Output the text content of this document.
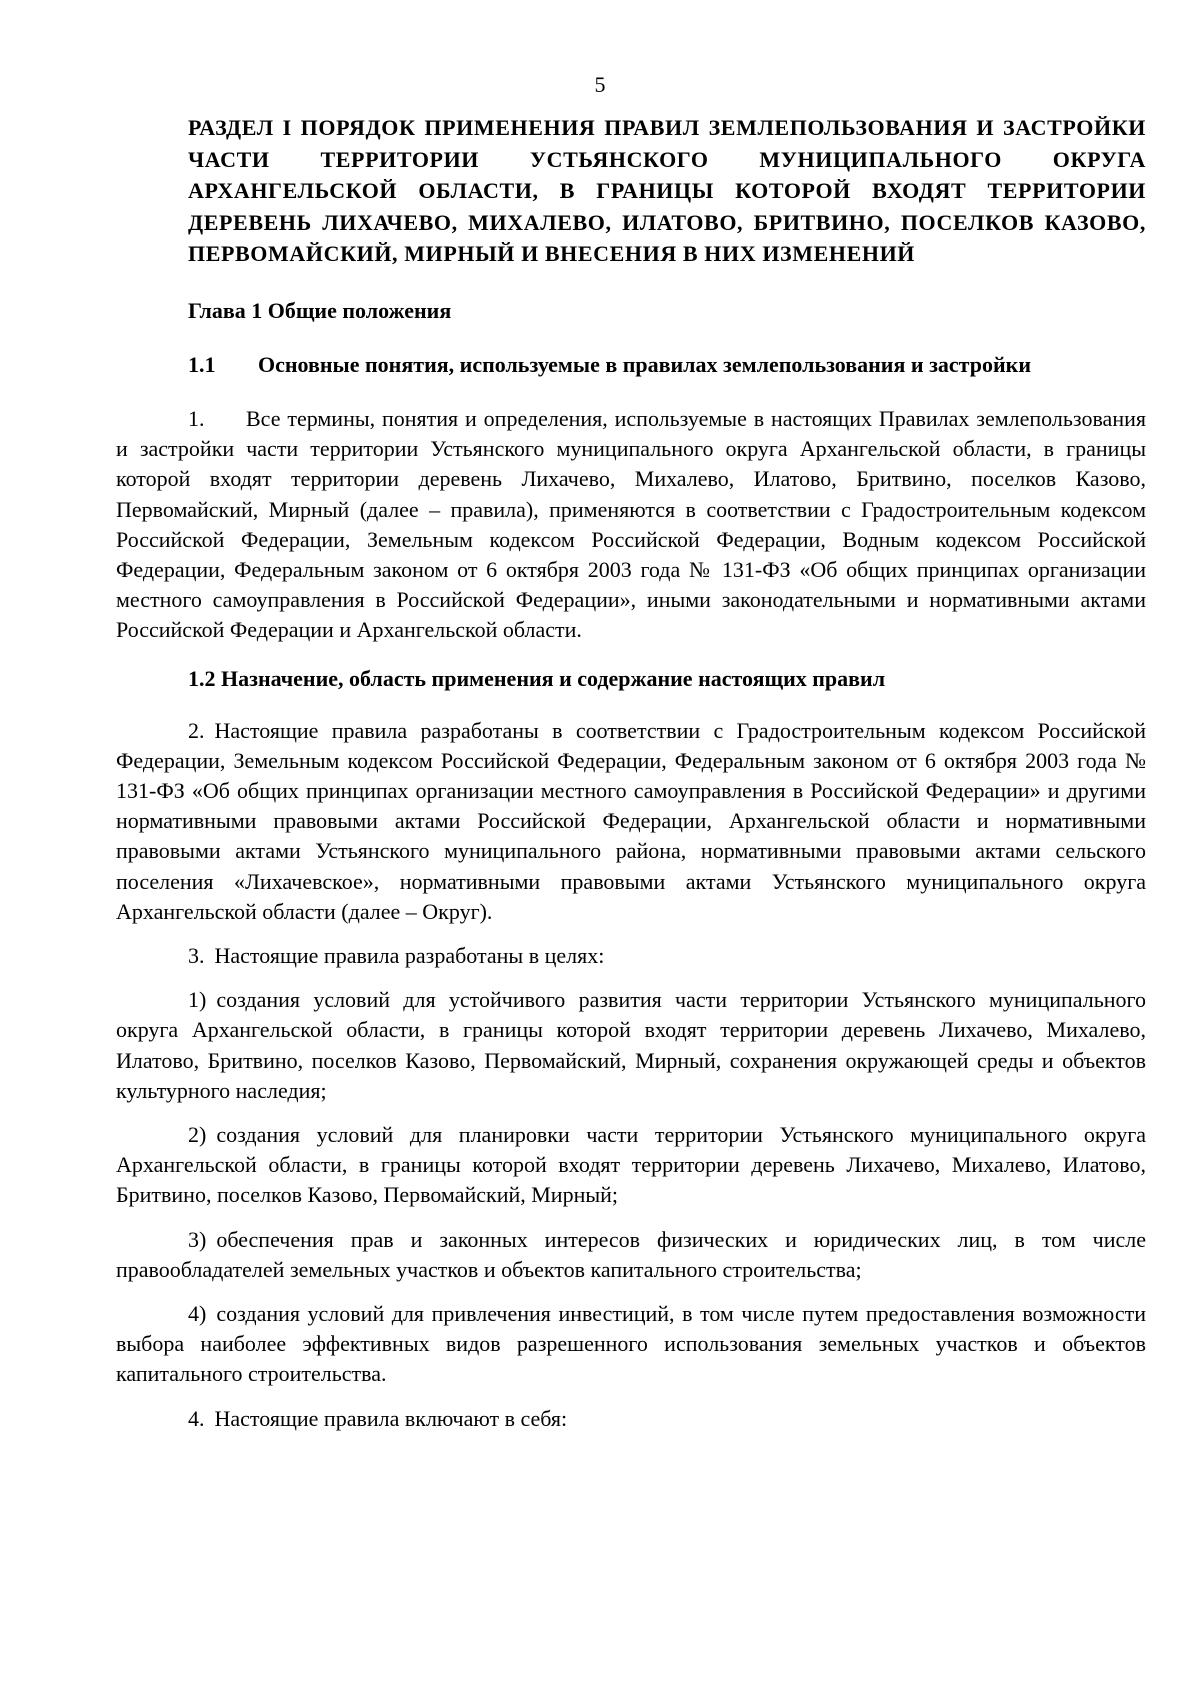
5
РАЗДЕЛ I ПОРЯДОК ПРИМЕНЕНИЯ ПРАВИЛ ЗЕМЛЕПОЛЬЗОВАНИЯ И ЗАСТРОЙКИ ЧАСТИ ТЕРРИТОРИИ УСТЬЯНСКОГО МУНИЦИПАЛЬНОГО ОКРУГА АРХАНГЕЛЬСКОЙ ОБЛАСТИ, В ГРАНИЦЫ КОТОРОЙ ВХОДЯТ ТЕРРИТОРИИ ДЕРЕВЕНЬ ЛИХАЧЕВО, МИХАЛЕВО, ИЛАТОВО, БРИТВИНО, ПОСЕЛКОВ КАЗОВО, ПЕРВОМАЙСКИЙ, МИРНЫЙ И ВНЕСЕНИЯ В НИХ ИЗМЕНЕНИЙ
Глава 1 Общие положения
1.1	Основные понятия, используемые в правилах землепользования и застройки

1. Все термины, понятия и определения, используемые в настоящих Правилах землепользования и застройки части территории Устьянского муниципального округа Архангельской области, в границы которой входят территории деревень Лихачево, Михалево, Илатово, Бритвино, поселков Казово, Первомайский, Мирный (далее – правила), применяются в соответствии с Градостроительным кодексом Российской Федерации, Земельным кодексом Российской Федерации, Водным кодексом Российской Федерации, Федеральным законом от 6 октября 2003 года № 131-ФЗ «Об общих принципах организации местного самоуправления в Российской Федерации», иными законодательными и нормативными актами Российской Федерации и Архангельской области.

1.2 Назначение, область применения и содержание настоящих правил

2. Настоящие правила разработаны в соответствии с Градостроительным кодексом Российской Федерации, Земельным кодексом Российской Федерации, Федеральным законом от 6 октября 2003 года № 131-ФЗ «Об общих принципах организации местного самоуправления в Российской Федерации» и другими нормативными правовыми актами Российской Федерации, Архангельской области и нормативными правовыми актами Устьянского муниципального района, нормативными правовыми актами сельского поселения «Лихачевское», нормативными правовыми актами Устьянского муниципального округа Архангельской области (далее – Округ).

3. Настоящие правила разработаны в целях:

1) создания условий для устойчивого развития части территории Устьянского муниципального округа Архангельской области, в границы которой входят территории деревень Лихачево, Михалево, Илатово, Бритвино, поселков Казово, Первомайский, Мирный, сохранения окружающей среды и объектов культурного наследия;

2) создания условий для планировки части территории Устьянского муниципального округа Архангельской области, в границы которой входят территории деревень Лихачево, Михалево, Илатово, Бритвино, поселков Казово, Первомайский, Мирный;

3) обеспечения прав и законных интересов физических и юридических лиц, в том числе правообладателей земельных участков и объектов капитального строительства;

4) создания условий для привлечения инвестиций, в том числе путем предоставления возможности выбора наиболее эффективных видов разрешенного использования земельных участков и объектов капитального строительства.

4. Настоящие правила включают в себя:
